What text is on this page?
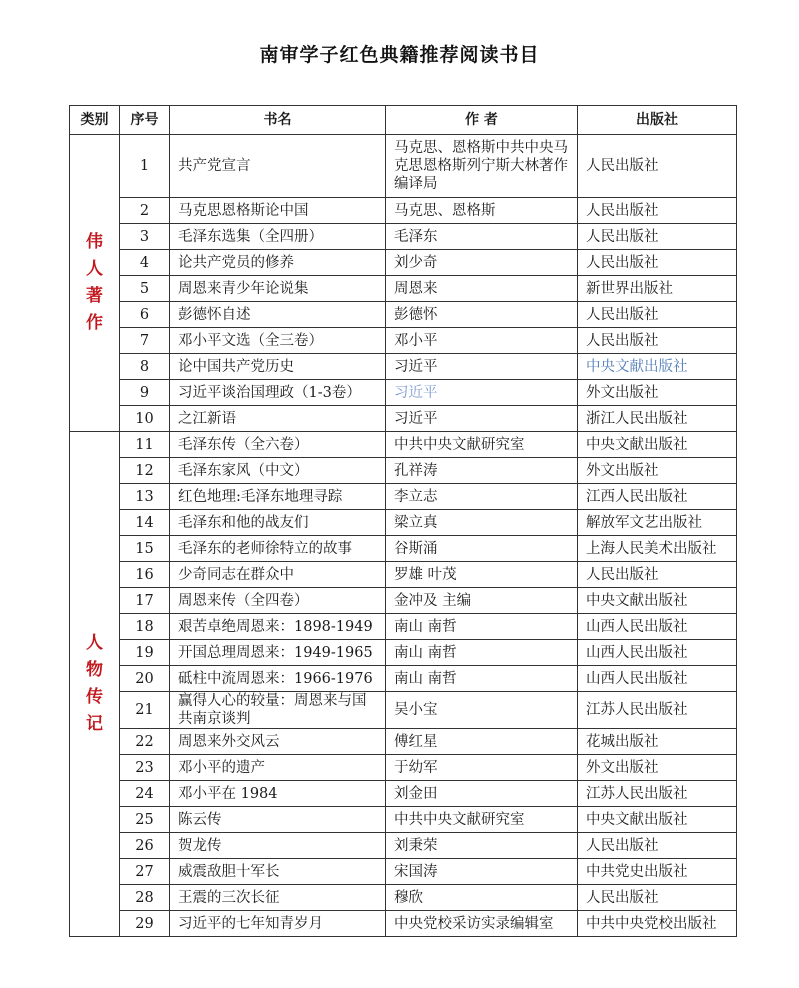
南审学子红色典籍推荐阅读书目
类别	序号	书名	作 者	出版社
伟人著作	1	共产党宣言	马克思、恩格斯中共中央马克思恩格斯列宁斯大林著作编译局	人民出版社
	2	马克思恩格斯论中国	马克思、恩格斯	人民出版社
	3	毛泽东选集（全四册）	毛泽东	人民出版社
	4	论共产党员的修养	刘少奇	人民出版社
	5	周恩来青少年论说集	周恩来	新世界出版社
	6	彭德怀自述	彭德怀	人民出版社
	7	邓小平文选（全三卷）	邓小平	人民出版社
	8	论中国共产党历史	习近平	中央文献出版社
	9	习近平谈治国理政（1-3卷）	习近平	外文出版社
	10	之江新语	习近平	浙江人民出版社
人物传记	11	毛泽东传（全六卷）	中共中央文献研究室	中央文献出版社
	12	毛泽东家风（中文）	孔祥涛	外文出版社
	13	红色地理:毛泽东地理寻踪	李立志	江西人民出版社
	14	毛泽东和他的战友们	梁立真	解放军文艺出版社
	15	毛泽东的老师徐特立的故事	谷斯涌	上海人民美术出版社
	16	少奇同志在群众中	罗雄 叶茂	人民出版社
	17	周恩来传（全四卷）	金冲及 主编	中央文献出版社
	18	艰苦卓绝周恩来：1898-1949	南山 南哲	山西人民出版社
	19	开国总理周恩来：1949-1965	南山 南哲	山西人民出版社
	20	砥柱中流周恩来：1966-1976	南山 南哲	山西人民出版社
	21	赢得人心的较量：周恩来与国共南京谈判	吴小宝	江苏人民出版社
	22	周恩来外交风云	傅红星	花城出版社
	23	邓小平的遗产	于幼军	外文出版社
	24	邓小平在 1984	刘金田	江苏人民出版社
	25	陈云传	中共中央文献研究室	中央文献出版社
	26	贺龙传	刘秉荣	人民出版社
	27	威震敌胆十军长	宋国涛	中共党史出版社
	28	王震的三次长征	穆欣	人民出版社
	29	习近平的七年知青岁月	中央党校采访实录编辑室	中共中央党校出版社
